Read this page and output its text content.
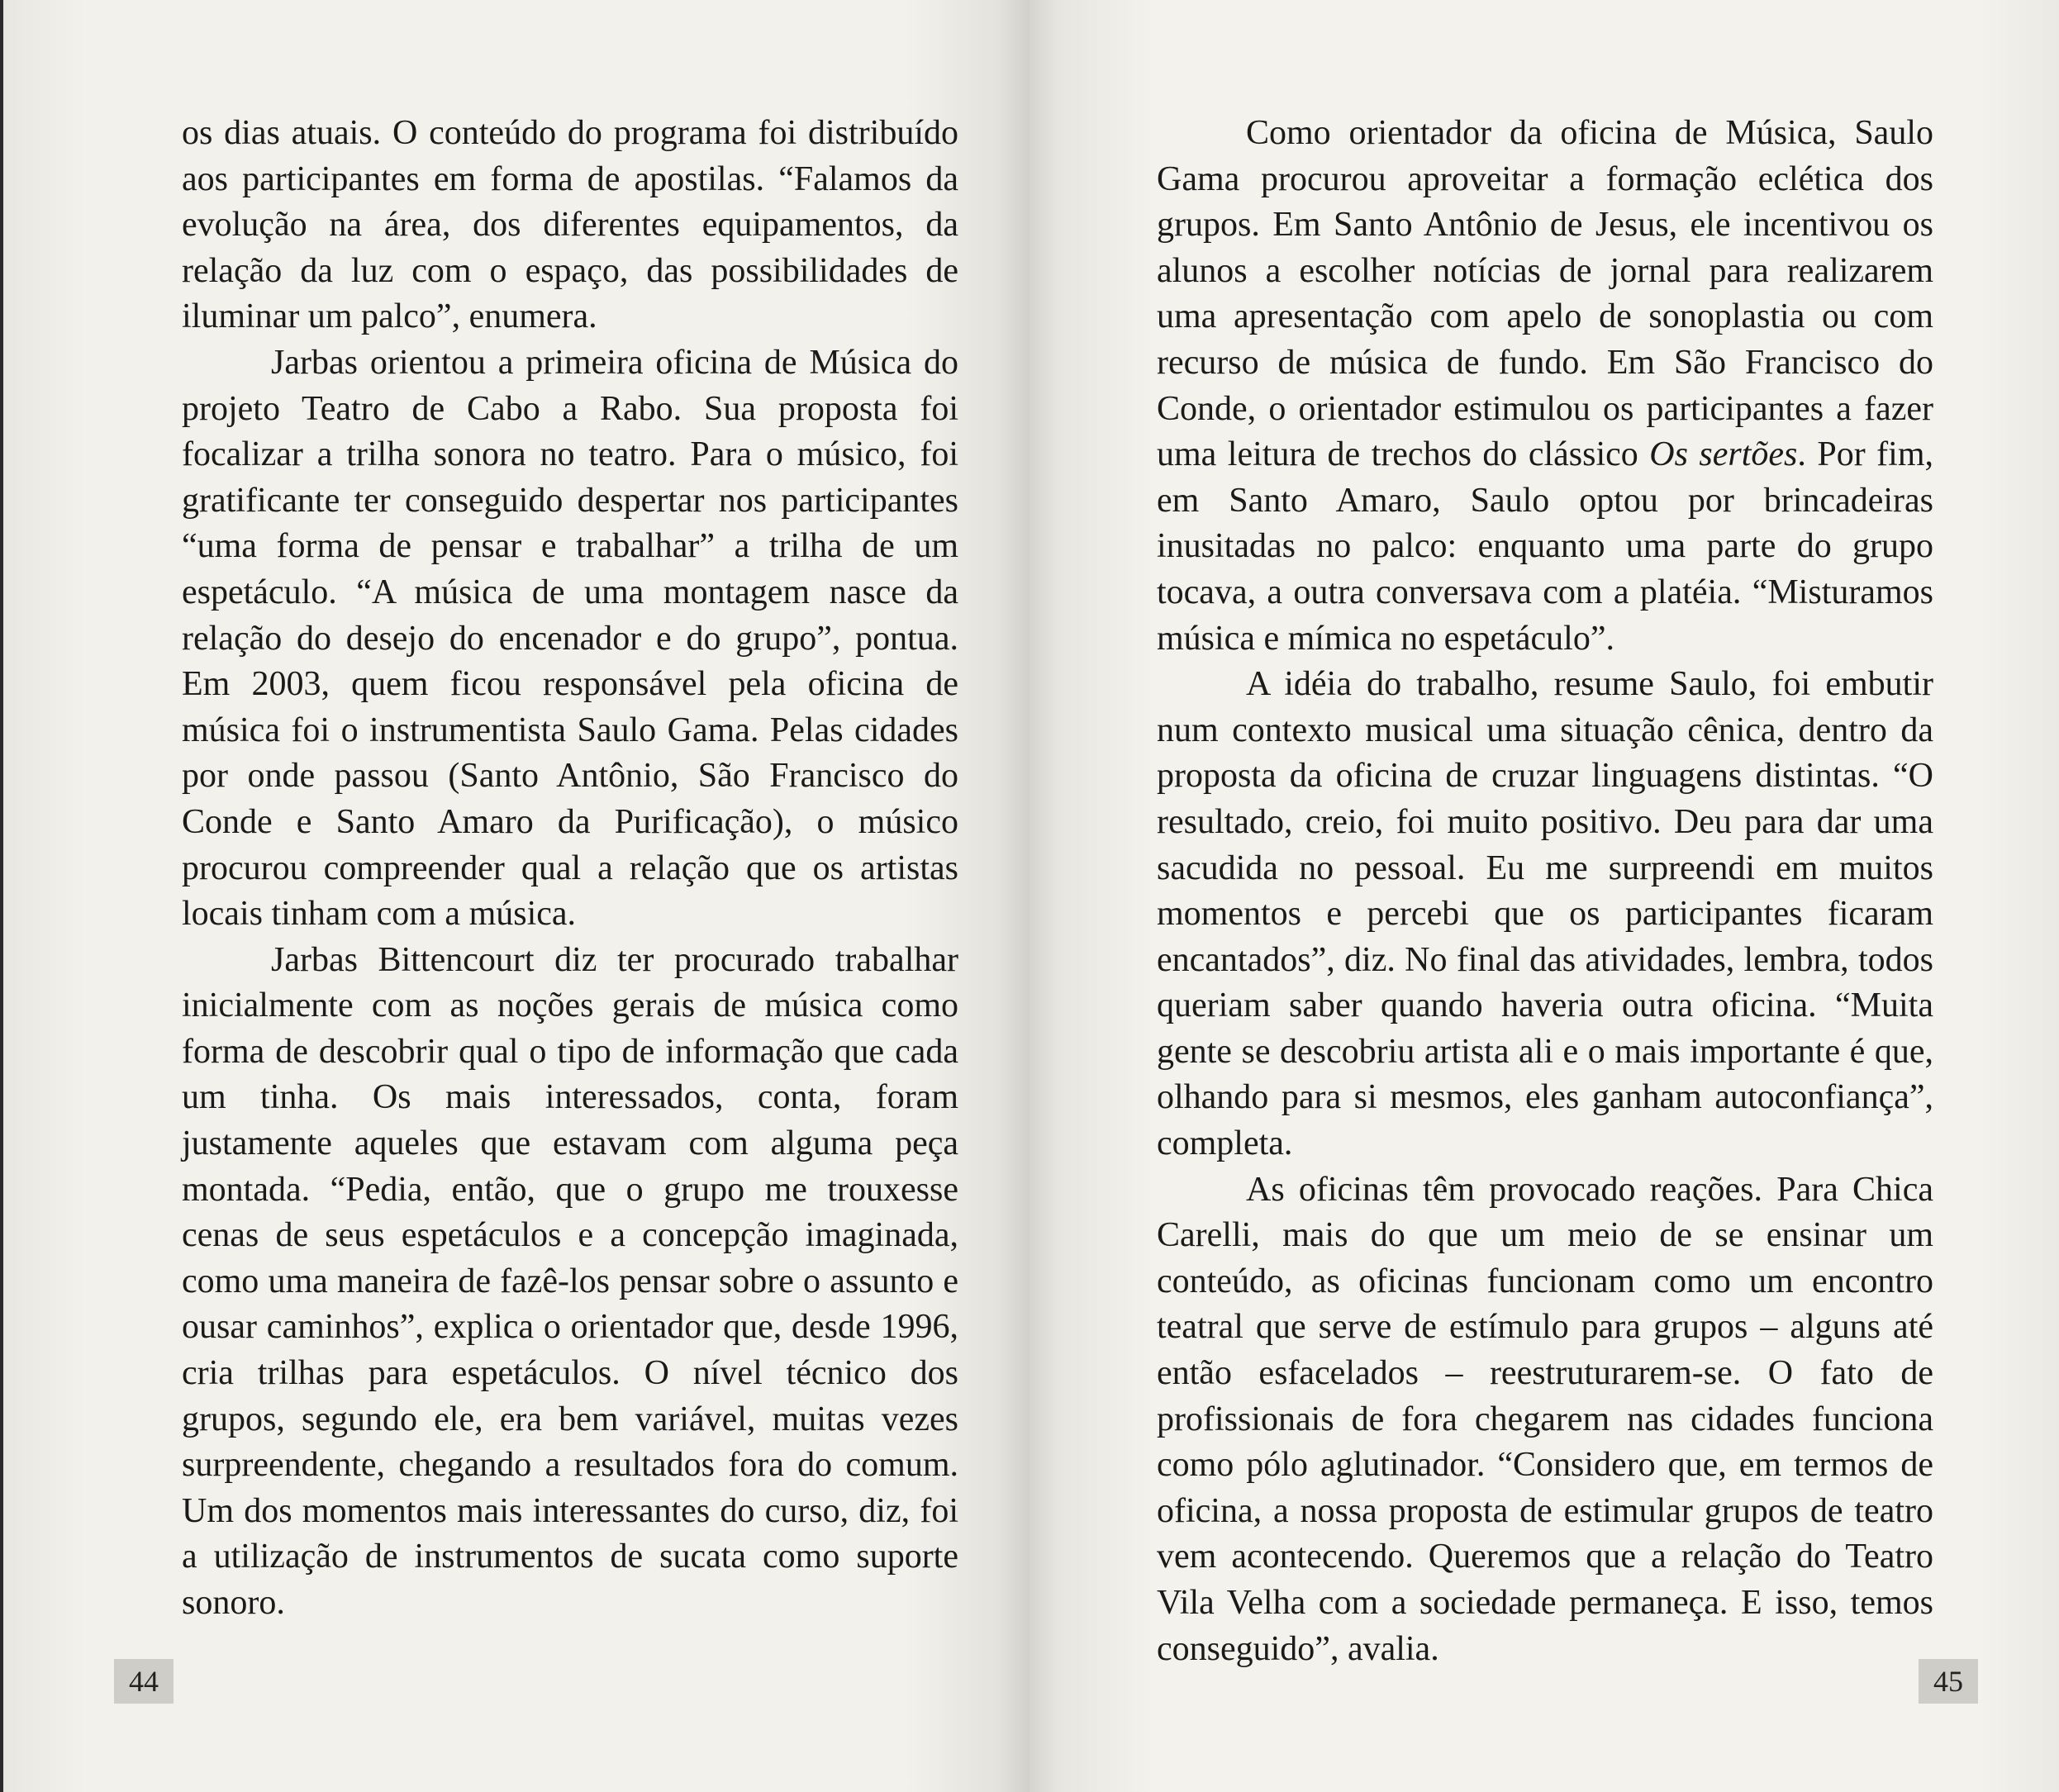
os dias atuais. O conteúdo do programa foi distribuído aos participantes em forma de apostilas. “Falamos da evolução na área, dos diferentes equipamentos, da relação da luz com o espaço, das possibilidades de iluminar um palco”, enumera.

Jarbas orientou a primeira oficina de Música do projeto Teatro de Cabo a Rabo. Sua proposta foi focalizar a trilha sonora no teatro. Para o músico, foi gratificante ter conseguido despertar nos participantes “uma forma de pensar e trabalhar” a trilha de um espetáculo. “A música de uma montagem nasce da relação do desejo do encenador e do grupo”, pontua. Em 2003, quem ficou responsável pela oficina de música foi o instrumentista Saulo Gama. Pelas cidades por onde passou (Santo Antônio, São Francisco do Conde e Santo Amaro da Purificação), o músico procurou compreender qual a relação que os artistas locais tinham com a música.

Jarbas Bittencourt diz ter procurado trabalhar inicialmente com as noções gerais de música como forma de descobrir qual o tipo de informação que cada um tinha. Os mais interessados, conta, foram justamente aqueles que estavam com alguma peça montada. “Pedia, então, que o grupo me trouxesse cenas de seus espetáculos e a concepção imaginada, como uma maneira de fazê-los pensar sobre o assunto e ousar caminhos”, explica o orientador que, desde 1996, cria trilhas para espetáculos. O nível técnico dos grupos, segundo ele, era bem variável, muitas vezes surpreendente, chegando a resultados fora do comum. Um dos momentos mais interessantes do curso, diz, foi a utilização de instrumentos de sucata como suporte sonoro.

44

Como orientador da oficina de Música, Saulo Gama procurou aproveitar a formação eclética dos grupos. Em Santo Antônio de Jesus, ele incentivou os alunos a escolher notícias de jornal para realizarem uma apresentação com apelo de sonoplastia ou com recurso de música de fundo. Em São Francisco do Conde, o orientador estimulou os participantes a fazer uma leitura de trechos do clássico Os sertões. Por fim, em Santo Amaro, Saulo optou por brincadeiras inusitadas no palco: enquanto uma parte do grupo tocava, a outra conversava com a platéia. “Misturamos música e mímica no espetáculo”.

A idéia do trabalho, resume Saulo, foi embutir num contexto musical uma situação cênica, dentro da proposta da oficina de cruzar linguagens distintas. “O resultado, creio, foi muito positivo. Deu para dar uma sacudida no pessoal. Eu me surpreendi em muitos momentos e percebi que os participantes ficaram encantados”, diz. No final das atividades, lembra, todos queriam saber quando haveria outra oficina. “Muita gente se descobriu artista ali e o mais importante é que, olhando para si mesmos, eles ganham autoconfiança”, completa.

As oficinas têm provocado reações. Para Chica Carelli, mais do que um meio de se ensinar um conteúdo, as oficinas funcionam como um encontro teatral que serve de estímulo para grupos – alguns até então esfacelados – reestruturarem-se. O fato de profissionais de fora chegarem nas cidades funciona como pólo aglutinador. “Considero que, em termos de oficina, a nossa proposta de estimular grupos de teatro vem acontecendo. Queremos que a relação do Teatro Vila Velha com a sociedade permaneça. E isso, temos conseguido”, avalia.

45
